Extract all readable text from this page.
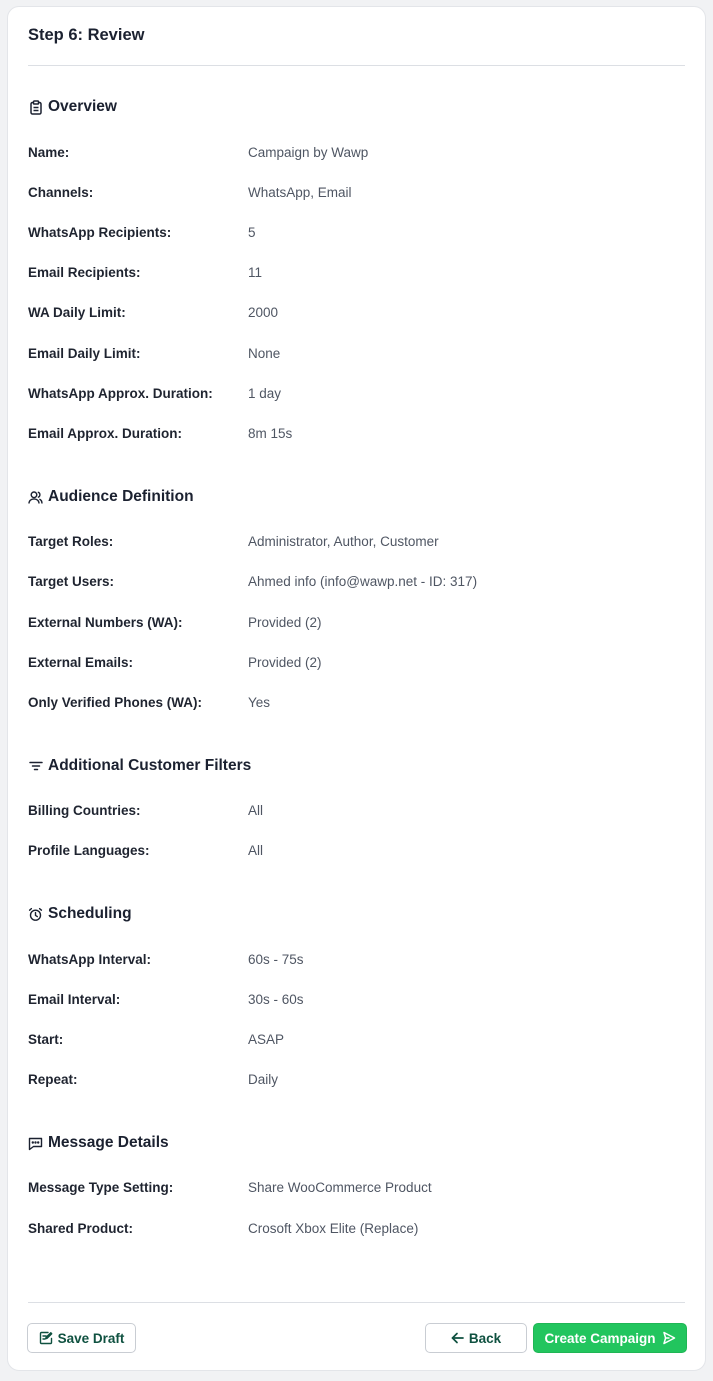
Step 6: Review
Overview
Name:	Campaign by Wawp
Channels:	WhatsApp, Email
WhatsApp Recipients:	5
Email Recipients:	11
WA Daily Limit:	2000
Email Daily Limit:	None
WhatsApp Approx. Duration:	1 day
Email Approx. Duration:	8m 15s
Audience Definition
Target Roles:	Administrator, Author, Customer
Target Users:	Ahmed info (info@wawp.net - ID: 317)
External Numbers (WA):	Provided (2)
External Emails:	Provided (2)
Only Verified Phones (WA):	Yes
Additional Customer Filters
Billing Countries:	All
Profile Languages:	All
Scheduling
WhatsApp Interval:	60s - 75s
Email Interval:	30s - 60s
Start:	ASAP
Repeat:	Daily
Message Details
Message Type Setting:	Share WooCommerce Product
Shared Product:	Crosoft Xbox Elite (Replace)
Save Draft	Back	Create Campaign
